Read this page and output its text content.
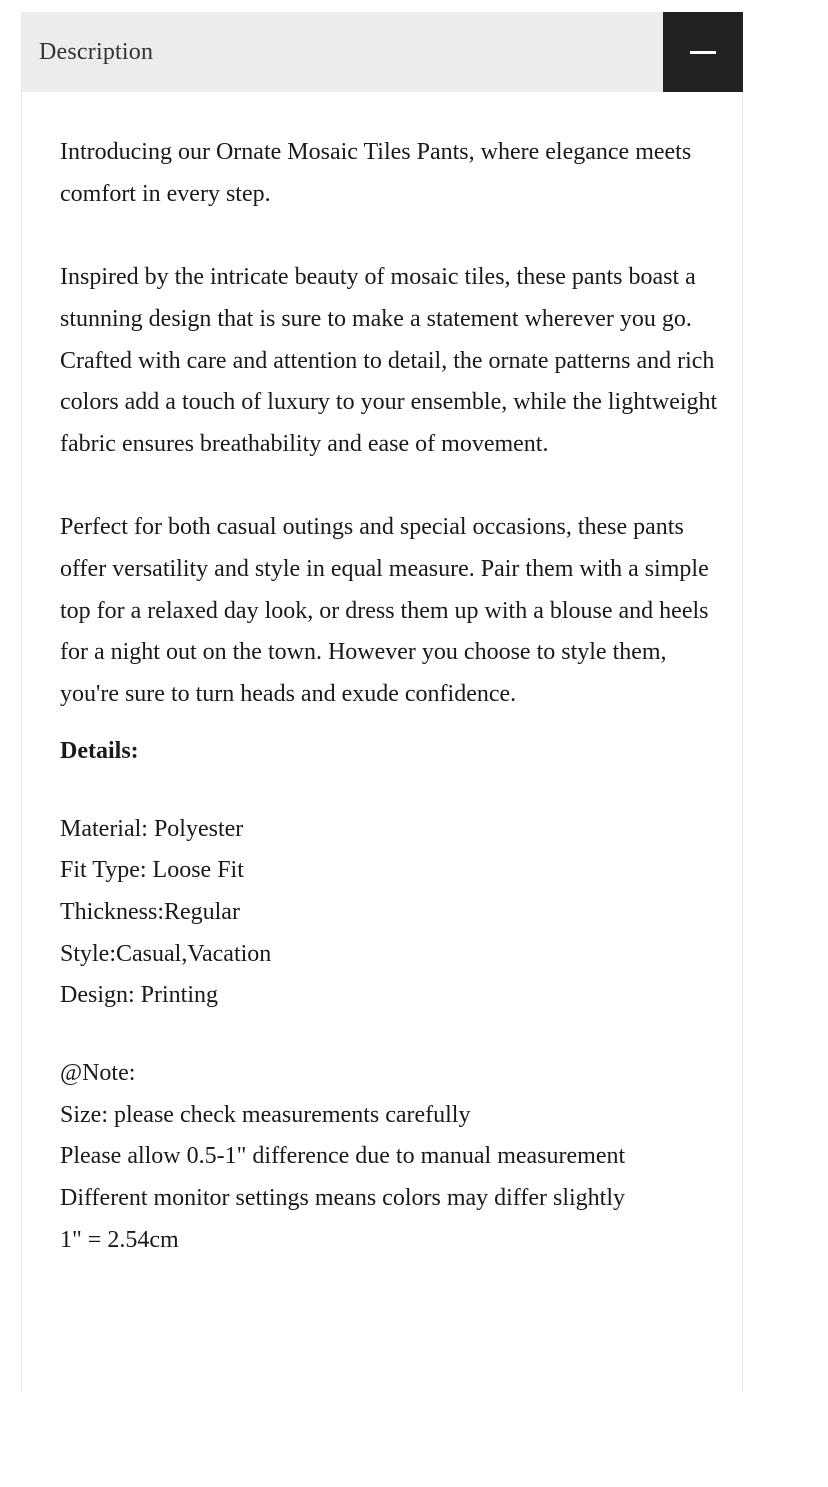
Description

Introducing our Ornate Mosaic Tiles Pants, where elegance meets comfort in every step.

Inspired by the intricate beauty of mosaic tiles, these pants boast a stunning design that is sure to make a statement wherever you go. Crafted with care and attention to detail, the ornate patterns and rich colors add a touch of luxury to your ensemble, while the lightweight fabric ensures breathability and ease of movement.

Perfect for both casual outings and special occasions, these pants offer versatility and style in equal measure. Pair them with a simple top for a relaxed day look, or dress them up with a blouse and heels for a night out on the town. However you choose to style them, you're sure to turn heads and exude confidence.

Details:

Material: Polyester
Fit Type: Loose Fit
Thickness:Regular
Style:Casual,Vacation
Design: Printing
@Note:
Size: please check measurements carefully
Please allow 0.5-1" difference due to manual measurement
Different monitor settings means colors may differ slightly
1" = 2.54cm
